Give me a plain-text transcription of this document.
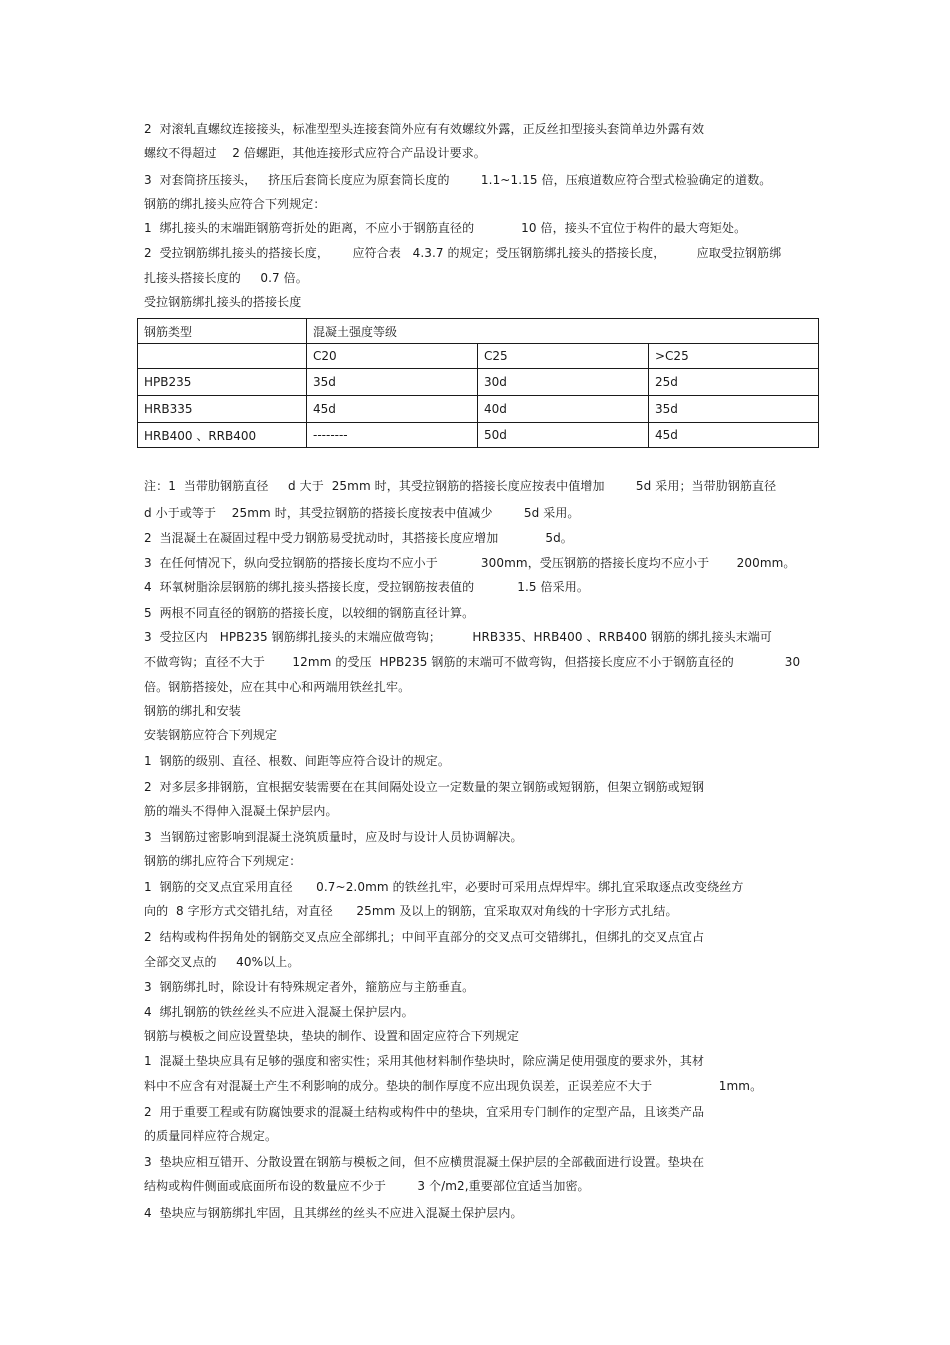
2  对滚轧直螺纹连接接头，标准型型头连接套筒外应有有效螺纹外露，正反丝扣型接头套筒单边外露有效
螺纹不得超过    2 倍螺距，其他连接形式应符合产品设计要求。
3  对套筒挤压接头，   挤压后套筒长度应为原套筒长度的        1.1~1.15 倍，压痕道数应符合型式检验确定的道数。
钢筋的绑扎接头应符合下列规定：
1  绑扎接头的末端距钢筋弯折处的距离，不应小于钢筋直径的            10 倍，接头不宜位于构件的最大弯矩处。
2  受拉钢筋绑扎接头的搭接长度，      应符合表   4.3.7 的规定；受压钢筋绑扎接头的搭接长度，        应取受拉钢筋绑
扎接头搭接长度的     0.7 倍。
受拉钢筋绑扎接头的搭接长度
钢筋类型	混凝土强度等级		
	C20	C25	>C25
HPB235	35d	30d	25d
HRB335	45d	40d	35d
HRB400 、RRB400	--------	50d	45d
注：1  当带肋钢筋直径     d 大于  25mm 时，其受拉钢筋的搭接长度应按表中值增加        5d 采用；当带肋钢筋直径
d 小于或等于    25mm 时，其受拉钢筋的搭接长度按表中值减少        5d 采用。
2  当混凝土在凝固过程中受力钢筋易受扰动时，其搭接长度应增加            5d。
3  在任何情况下，纵向受拉钢筋的搭接长度均不应小于           300mm，受压钢筋的搭接长度均不应小于       200mm。
4  环氧树脂涂层钢筋的绑扎接头搭接长度，受拉钢筋按表值的           1.5 倍采用。
5  两根不同直径的钢筋的搭接长度，以较细的钢筋直径计算。
3  受拉区内   HPB235 钢筋绑扎接头的末端应做弯钩；        HRB335、HRB400 、RRB400 钢筋的绑扎接头末端可
不做弯钩；直径不大于       12mm 的受压  HPB235 钢筋的末端可不做弯钩，但搭接长度应不小于钢筋直径的             30
倍。钢筋搭接处，应在其中心和两端用铁丝扎牢。
钢筋的绑扎和安装
安装钢筋应符合下列规定
1  钢筋的级别、直径、根数、间距等应符合设计的规定。
2  对多层多排钢筋，宜根据安装需要在在其间隔处设立一定数量的架立钢筋或短钢筋，但架立钢筋或短钢
筋的端头不得伸入混凝土保护层内。
3  当钢筋过密影响到混凝土浇筑质量时，应及时与设计人员协调解决。
钢筋的绑扎应符合下列规定：
1  钢筋的交叉点宜采用直径      0.7~2.0mm 的铁丝扎牢，必要时可采用点焊焊牢。绑扎宜采取逐点改变绕丝方
向的  8 字形方式交错扎结，对直径      25mm 及以上的钢筋，宜采取双对角线的十字形方式扎结。
2  结构或构件拐角处的钢筋交叉点应全部绑扎；中间平直部分的交叉点可交错绑扎，但绑扎的交叉点宜占
全部交叉点的     40%以上。
3  钢筋绑扎时，除设计有特殊规定者外，箍筋应与主筋垂直。
4  绑扎钢筋的铁丝丝头不应进入混凝土保护层内。
钢筋与模板之间应设置垫块，垫块的制作、设置和固定应符合下列规定
1  混凝土垫块应具有足够的强度和密实性；采用其他材料制作垫块时，除应满足使用强度的要求外，其材
料中不应含有对混凝土产生不利影响的成分。垫块的制作厚度不应出现负误差，正误差应不大于                 1mm。
2  用于重要工程或有防腐蚀要求的混凝土结构或构件中的垫块，宜采用专门制作的定型产品，且该类产品
的质量同样应符合规定。
3  垫块应相互错开、分散设置在钢筋与模板之间，但不应横贯混凝土保护层的全部截面进行设置。垫块在
结构或构件侧面或底面所布设的数量应不少于        3 个/m2,重要部位宜适当加密。
4  垫块应与钢筋绑扎牢固，且其绑丝的丝头不应进入混凝土保护层内。
